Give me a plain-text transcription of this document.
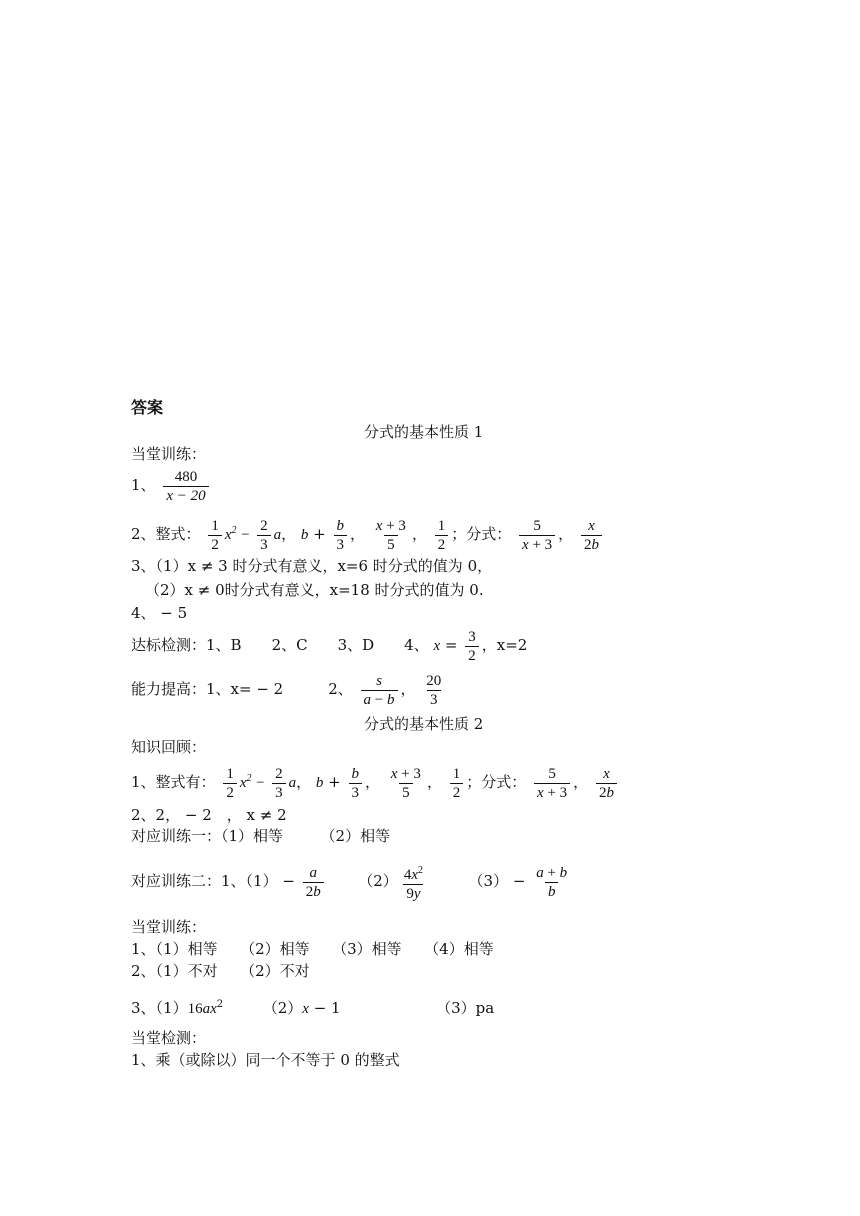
答案
分式的基本性质 1
当堂训练：
1、 $\frac{480}{x - 20}$
2、整式： $\frac{1}{2} x^2 - \frac{2}{3}$ a， $b + \frac{b}{3}$ ， $\frac{x + 3}{5}$ ， $\frac{1}{2}$ ；分式： $\frac{5}{x + 3}$ ， $\frac{x}{2b}$
3、（1）x ≠ 3 时分式有意义，x=6 时分式的值为 0，
（2）x ≠ 0时分式有意义，x=18 时分式的值为 0.
4、 − 5
达标检测：1、B　　2、C　　3、D　　4、 $x = \frac{3}{2}$ ，x=2
能力提高：1、x= − 2　　　2、 $\frac{s}{a - b}$ ， $\frac{20}{3}$
分式的基本性质 2
知识回顾：
1、整式有： $\frac{1}{2} x^2 - \frac{2}{3}$ a， $b + \frac{b}{3}$ ， $\frac{x + 3}{5}$ ， $\frac{1}{2}$ ；分式： $\frac{5}{x + 3}$ ， $\frac{x}{2b}$
2、2， − 2　， x ≠ 2
对应训练一：（1）相等　　　（2）相等
对应训练二：1、$(1) - \frac{a}{2b} (2) \frac{4x^2}{9y}$	$(3) - \frac{a + b}{b}$
当堂训练：
1、（1）相等　　（2）相等　　（3）相等　　（4）相等
2、（1）不对　　（2）不对
3、$(1)16ax^2$	（2）x − 1	（3）pa
当堂检测：
1、乘（或除以）同一个不等于 0 的整式
